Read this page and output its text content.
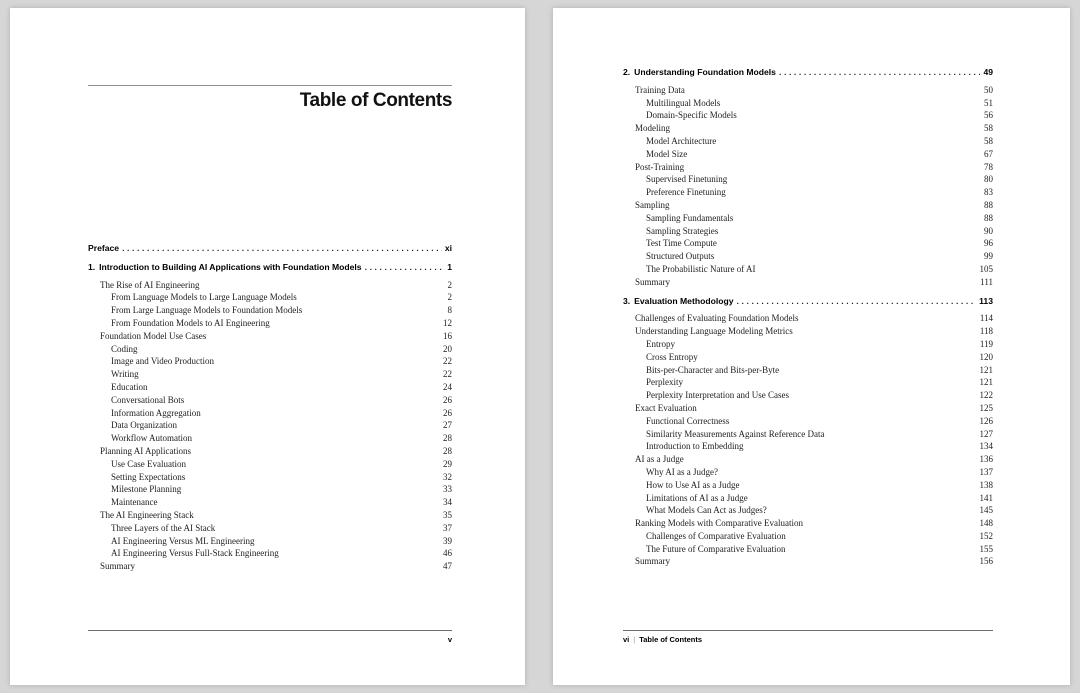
Table of Contents
Preface .....	xi
1. Introduction to Building AI Applications with Foundation Models .....	1
The Rise of AI Engineering	2
From Language Models to Large Language Models	2
From Large Language Models to Foundation Models	8
From Foundation Models to AI Engineering	12
Foundation Model Use Cases	16
Coding	20
Image and Video Production	22
Writing	22
Education	24
Conversational Bots	26
Information Aggregation	26
Data Organization	27
Workflow Automation	28
Planning AI Applications	28
Use Case Evaluation	29
Setting Expectations	32
Milestone Planning	33
Maintenance	34
The AI Engineering Stack	35
Three Layers of the AI Stack	37
AI Engineering Versus ML Engineering	39
AI Engineering Versus Full-Stack Engineering	46
Summary	47
v
2. Understanding Foundation Models .....	49
Training Data	50
Multilingual Models	51
Domain-Specific Models	56
Modeling	58
Model Architecture	58
Model Size	67
Post-Training	78
Supervised Finetuning	80
Preference Finetuning	83
Sampling	88
Sampling Fundamentals	88
Sampling Strategies	90
Test Time Compute	96
Structured Outputs	99
The Probabilistic Nature of AI	105
Summary	111
3. Evaluation Methodology .....	113
Challenges of Evaluating Foundation Models	114
Understanding Language Modeling Metrics	118
Entropy	119
Cross Entropy	120
Bits-per-Character and Bits-per-Byte	121
Perplexity	121
Perplexity Interpretation and Use Cases	122
Exact Evaluation	125
Functional Correctness	126
Similarity Measurements Against Reference Data	127
Introduction to Embedding	134
AI as a Judge	136
Why AI as a Judge?	137
How to Use AI as a Judge	138
Limitations of AI as a Judge	141
What Models Can Act as Judges?	145
Ranking Models with Comparative Evaluation	148
Challenges of Comparative Evaluation	152
The Future of Comparative Evaluation	155
Summary	156
vi | Table of Contents
